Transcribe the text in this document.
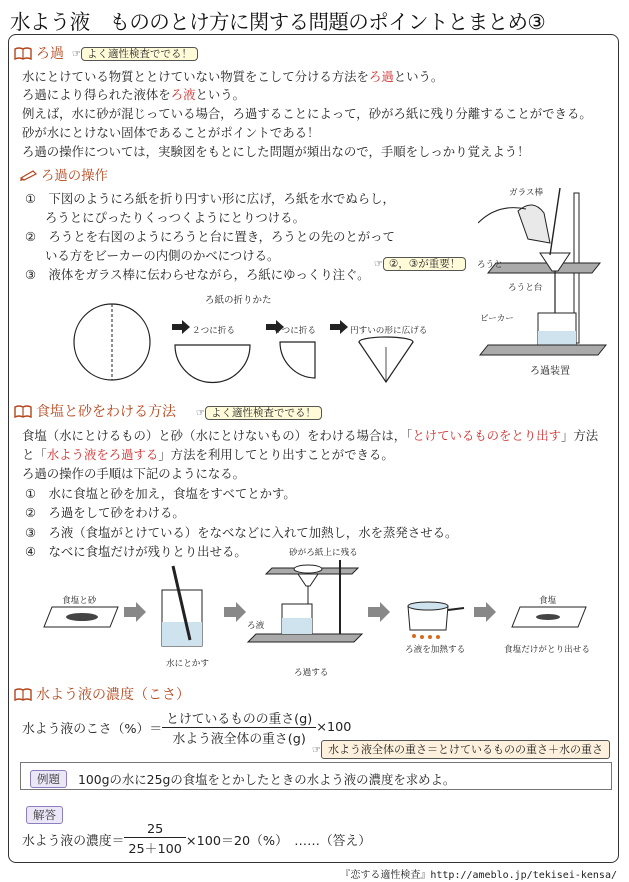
水よう液　もののとけ方に関する問題のポイントとまとめ③
ろ過 ☞ よく適性検査ででる！
水にとけている物質ととけていない物質をこして分ける方法をろ過という。
ろ過により得られた液体をろ液という。
例えば，水に砂が混じっている場合，ろ過することによって，砂がろ紙に残り分離することができる。
砂が水にとけない固体であることがポイントである！
ろ過の操作については，実験図をもとにした問題が頻出なので，手順をしっかり覚えよう！
ろ過の操作
①　 下図のようにろ紙を折り円すい形に広げ，ろ紙を水でぬらし，
ろうとにぴったりくっつくようにとりつける。
②　 ろうとを右図のようにろうと台に置き，ろうとの先のとがって
いる方をビーカーの内側のかべにつける。
③　 液体をガラス棒に伝わらせながら，ろ紙にゆっくり注ぐ。
☞ ②，③が重要！
ろ紙の折りかた
２つに折る	４つに折る	円すいの形に広げる
ガラス棒
ろうと
ろうと台
ビーカー
ろ過装置
食塩と砂をわける方法 ☞ よく適性検査ででる！
食塩（水にとけるもの）と砂（水にとけないもの）をわける場合は，「とけているものをとり出す」方法
と「水よう液をろ過する」方法を利用してとり出すことができる。
ろ過の操作の手順は下記のようになる。
①　 水に食塩と砂を加え，食塩をすべてとかす。
②　 ろ過をして砂をわける。
③　 ろ液（食塩がとけている）をなべなどに入れて加熱し，水を蒸発させる。
④　 なべに食塩だけが残りとり出せる。
食塩と砂
水にとかす
砂がろ紙上に残る
ろ液
ろ過する
ろ液を加熱する
食塩
食塩だけがとり出せる
水よう液の濃度（こさ）
水よう液のこさ（%）＝ $\frac{\text{とけているものの重さ(g)}}{\text{水よう液全体の重さ(g)}} \times 100$
☞ 水よう液全体の重さ＝とけているものの重さ＋水の重さ
例題	100gの水に25gの食塩をとかしたときの水よう液の濃度を求めよ。
解答
水よう液の濃度＝ $\frac{25}{25+100} \times 100=20(\%)$　……（答え）
『恋する適性検査』http://ameblo.jp/tekisei-kensa/
